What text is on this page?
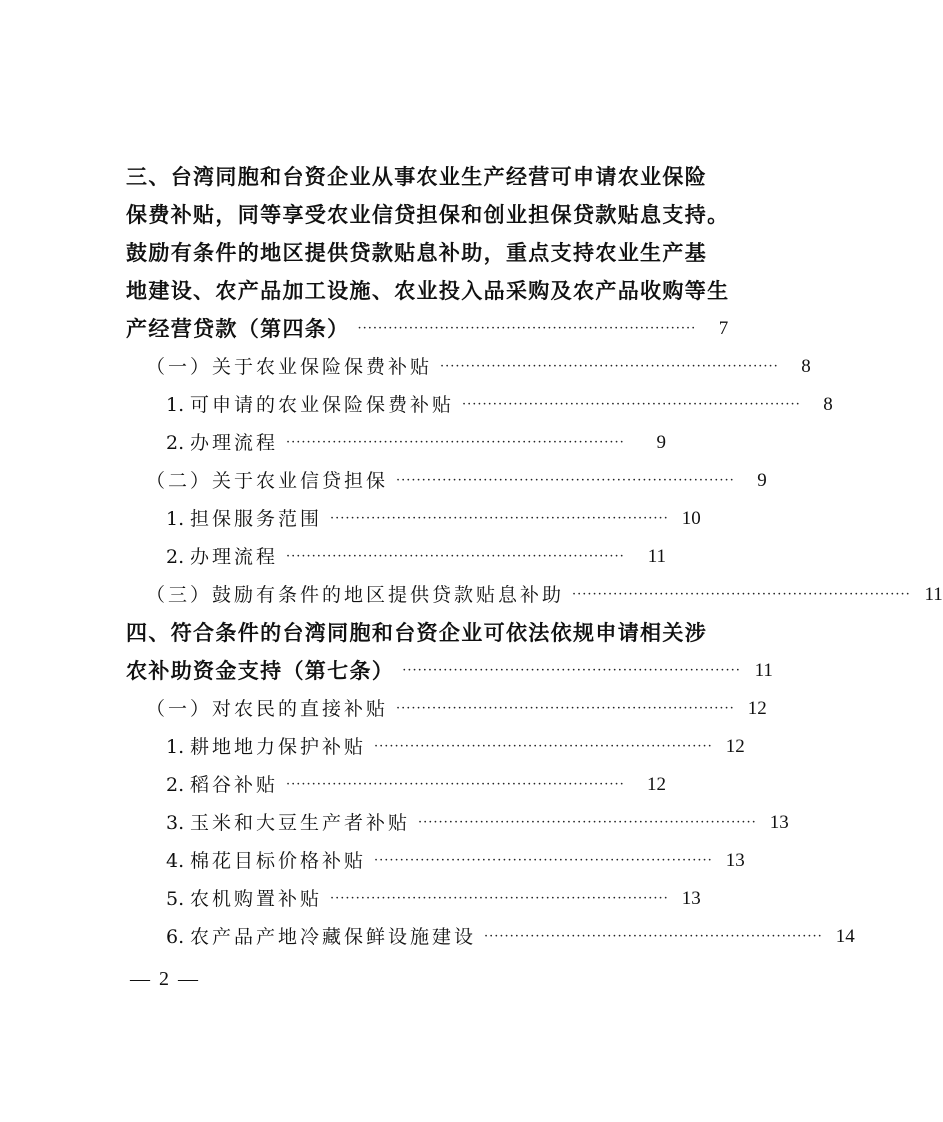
三、台湾同胞和台资企业从事农业生产经营可申请农业保险
保费补贴，同等享受农业信贷担保和创业担保贷款贴息支持。
鼓励有条件的地区提供贷款贴息补助，重点支持农业生产基
地建设、农产品加工设施、农业投入品采购及农产品收购等生
产经营贷款（第四条） ··································································	7
（一）关于农业保险保费补贴 ··································································	8
1. 可申请的农业保险保费补贴 ··································································	8
2. 办理流程 ··································································	9
（二）关于农业信贷担保 ··································································	9
1. 担保服务范围 ·································································· 10
2. 办理流程 ··································································	11
（三）鼓励有条件的地区提供贷款贴息补助 ·································································· 11
四、符合条件的台湾同胞和台资企业可依法依规申请相关涉
农补助资金支持（第七条） ·································································· 11
（一）对农民的直接补贴 ·································································· 12
1. 耕地地力保护补贴 ·································································· 12
2. 稻谷补贴 ··································································	12
3. 玉米和大豆生产者补贴 ·································································· 13
4. 棉花目标价格补贴 ·································································· 13
5. 农机购置补贴 ·································································· 13
6. 农产品产地冷藏保鲜设施建设 ·································································· 14
— 2 —
